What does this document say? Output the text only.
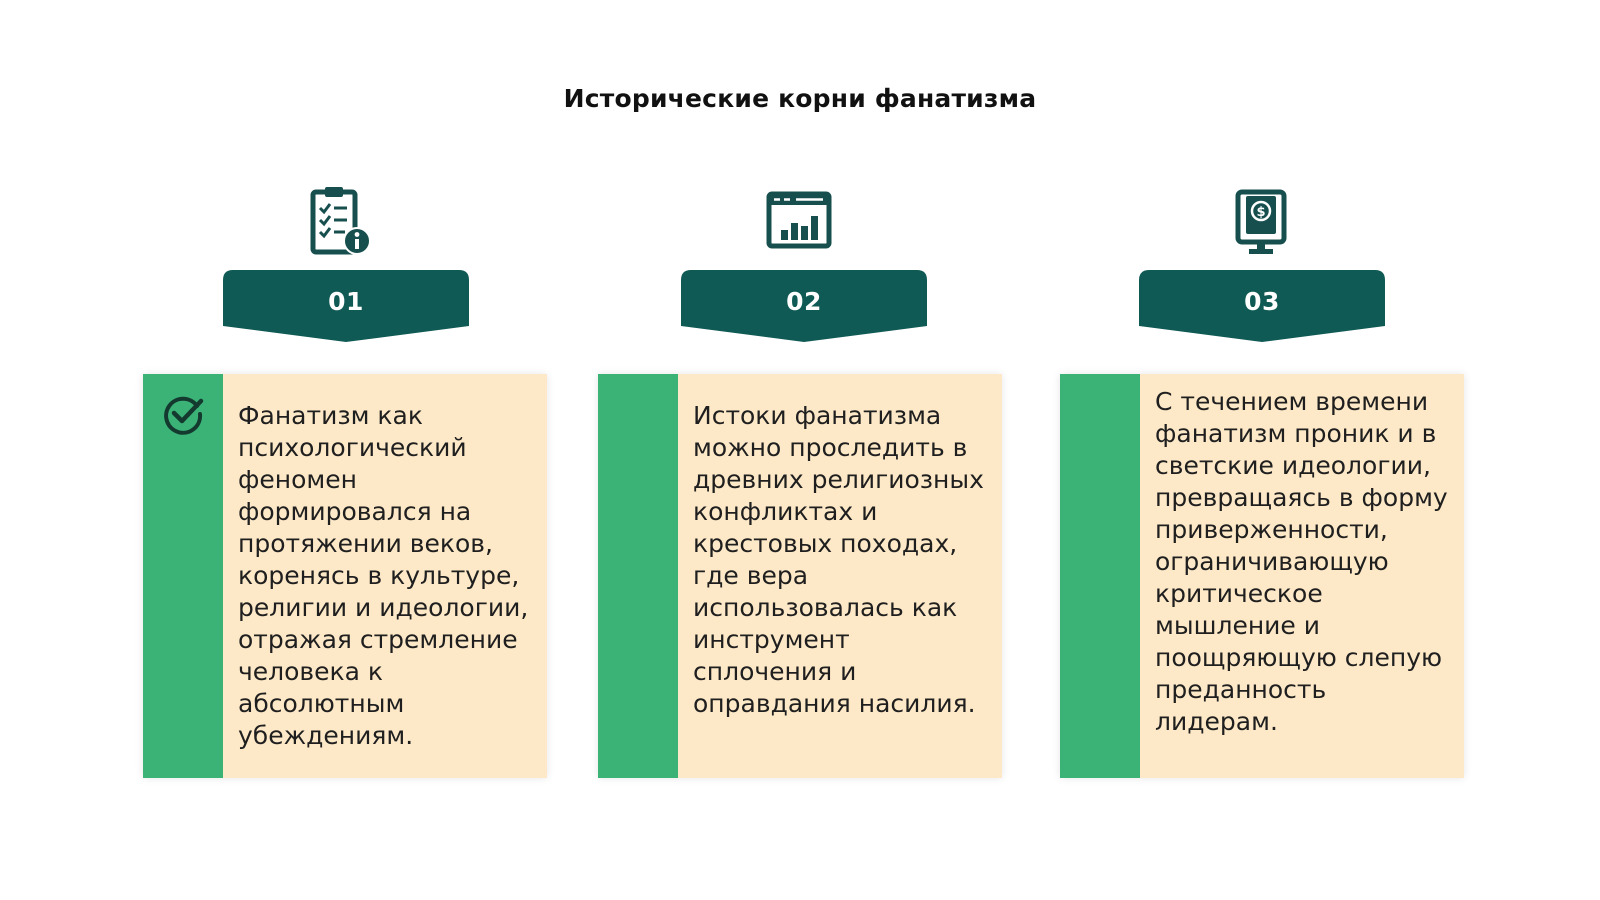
Исторические корни фанатизма
01
Фанатизм как психологический феномен формировался на протяжении веков, коренясь в культуре, религии и идеологии, отражая стремление человека к абсолютным убеждениям.
02
Истоки фанатизма можно проследить в древних религиозных конфликтах и крестовых походах, где вера использовалась как инструмент сплочения и оправдания насилия.
$
03
С течением времени фанатизм проник и в светские идеологии, превращаясь в форму приверженности, ограничивающую критическое мышление и поощряющую слепую преданность лидерам.
